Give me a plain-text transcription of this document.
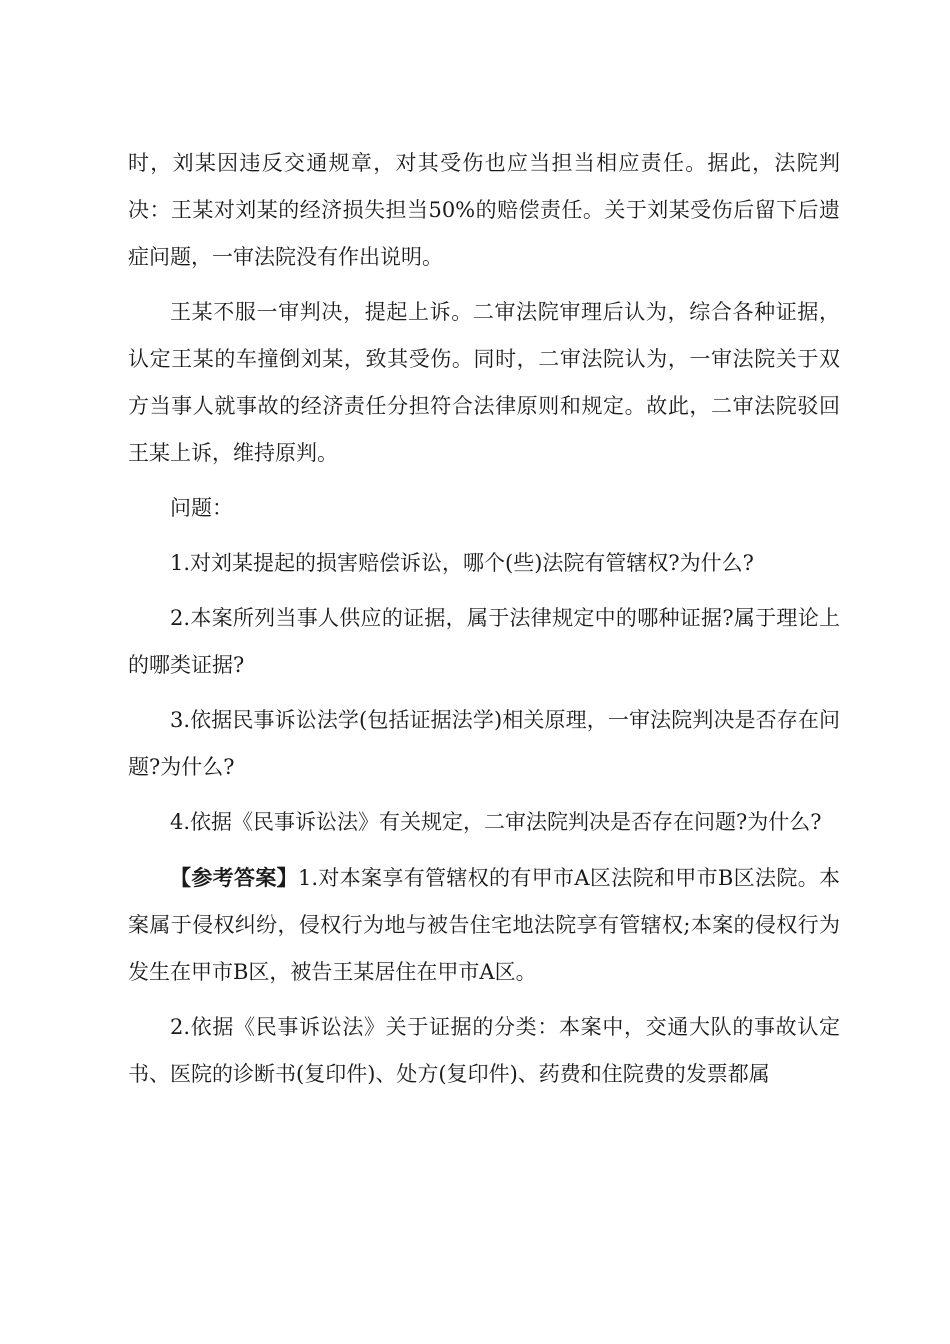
时，刘某因违反交通规章，对其受伤也应当担当相应责任。据此，法院判决：王某对刘某的经济损失担当50%的赔偿责任。关于刘某受伤后留下后遗症问题，一审法院没有作出说明。

王某不服一审判决，提起上诉。二审法院审理后认为，综合各种证据，认定王某的车撞倒刘某，致其受伤。同时，二审法院认为，一审法院关于双方当事人就事故的经济责任分担符合法律原则和规定。故此，二审法院驳回王某上诉，维持原判。

问题：

1.对刘某提起的损害赔偿诉讼，哪个(些)法院有管辖权?为什么?

2.本案所列当事人供应的证据，属于法律规定中的哪种证据?属于理论上的哪类证据?

3.依据民事诉讼法学(包括证据法学)相关原理，一审法院判决是否存在问题?为什么?

4.依据《民事诉讼法》有关规定，二审法院判决是否存在问题?为什么?

【参考答案】1.对本案享有管辖权的有甲市A区法院和甲市B区法院。本案属于侵权纠纷，侵权行为地与被告住宅地法院享有管辖权;本案的侵权行为发生在甲市B区，被告王某居住在甲市A区。

2.依据《民事诉讼法》关于证据的分类：本案中，交通大队的事故认定书、医院的诊断书(复印件)、处方(复印件)、药费和住院费的发票都属
